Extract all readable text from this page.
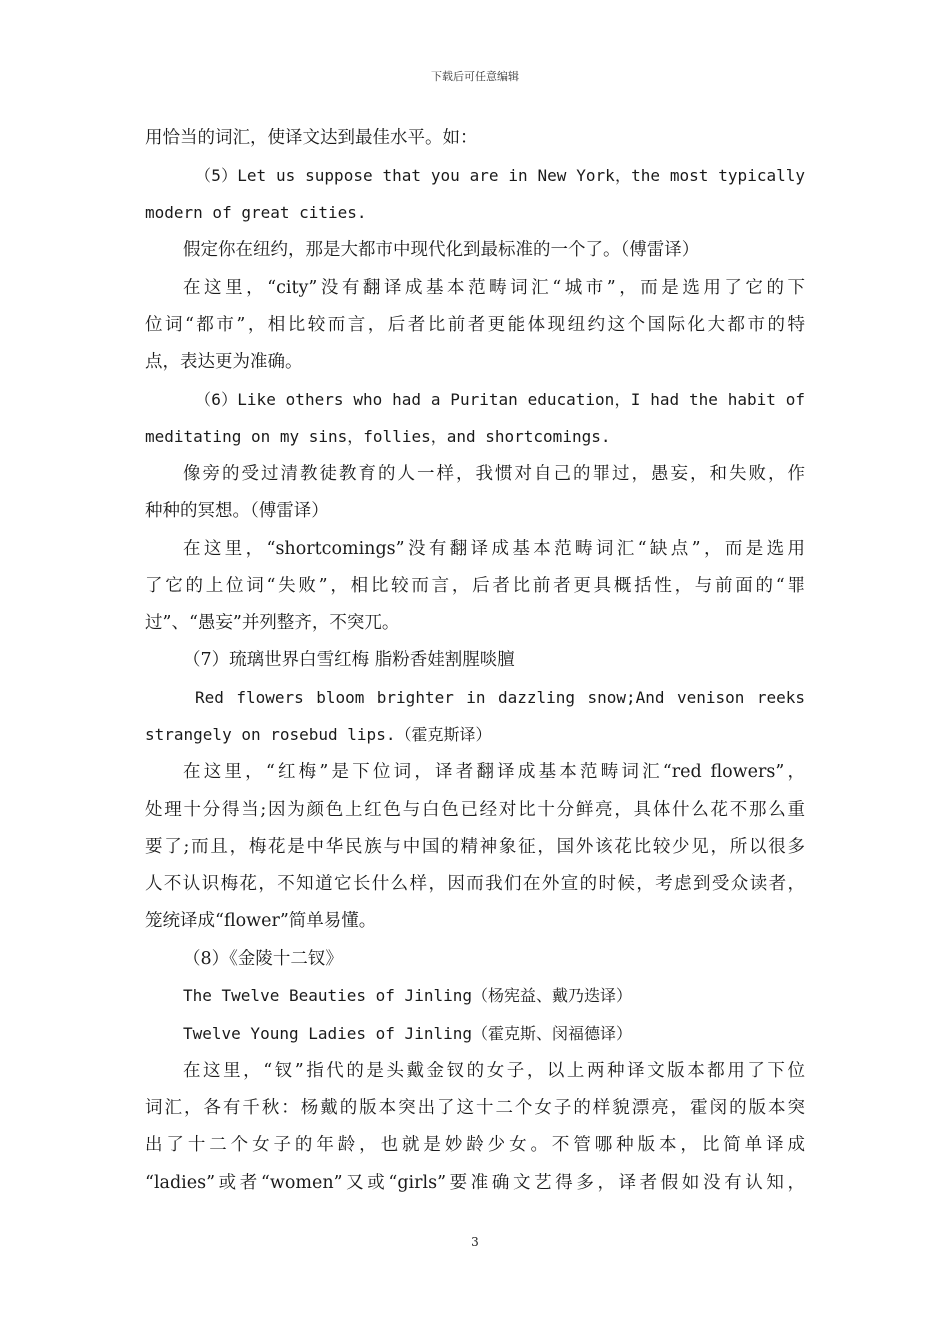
下载后可任意编辑
用恰当的词汇，使译文达到最佳水平。如：
（5）Let us suppose that you are in New York，the most typically
modern of great cities.
假定你在纽约，那是大都市中现代化到最标准的一个了。（傅雷译）
在这里，“city”没有翻译成基本范畴词汇“城市”，而是选用了它的下
位词“都市”，相比较而言，后者比前者更能体现纽约这个国际化大都市的特
点，表达更为准确。
（6）Like others who had a Puritan education，I had the habit of
meditating on my sins，follies，and shortcomings.
像旁的受过清教徒教育的人一样，我惯对自己的罪过，愚妄，和失败，作
种种的冥想。（傅雷译）
在这里，“shortcomings”没有翻译成基本范畴词汇“缺点”，而是选用
了它的上位词“失败”，相比较而言，后者比前者更具概括性，与前面的“罪
过”、“愚妄”并列整齐，不突兀。
（7）琉璃世界白雪红梅 脂粉香娃割腥啖膻
Red flowers bloom brighter in dazzling snow;And venison reeks
strangely on rosebud lips.（霍克斯译）
在这里，“红梅”是下位词，译者翻译成基本范畴词汇“red flowers”，
处理十分得当;因为颜色上红色与白色已经对比十分鲜亮，具体什么花不那么重
要了;而且，梅花是中华民族与中国的精神象征，国外该花比较少见，所以很多
人不认识梅花，不知道它长什么样，因而我们在外宣的时候，考虑到受众读者，
笼统译成“flower”简单易懂。
（8）《金陵十二钗》
The Twelve Beauties of Jinling（杨宪益、戴乃迭译）
Twelve Young Ladies of Jinling（霍克斯、闵福德译）
在这里，“钗”指代的是头戴金钗的女子，以上两种译文版本都用了下位
词汇，各有千秋：杨戴的版本突出了这十二个女子的样貌漂亮，霍闵的版本突
出了十二个女子的年龄，也就是妙龄少女。不管哪种版本，比简单译成
“ladies”或者“women”又或“girls”要准确文艺得多，译者假如没有认知，
3
